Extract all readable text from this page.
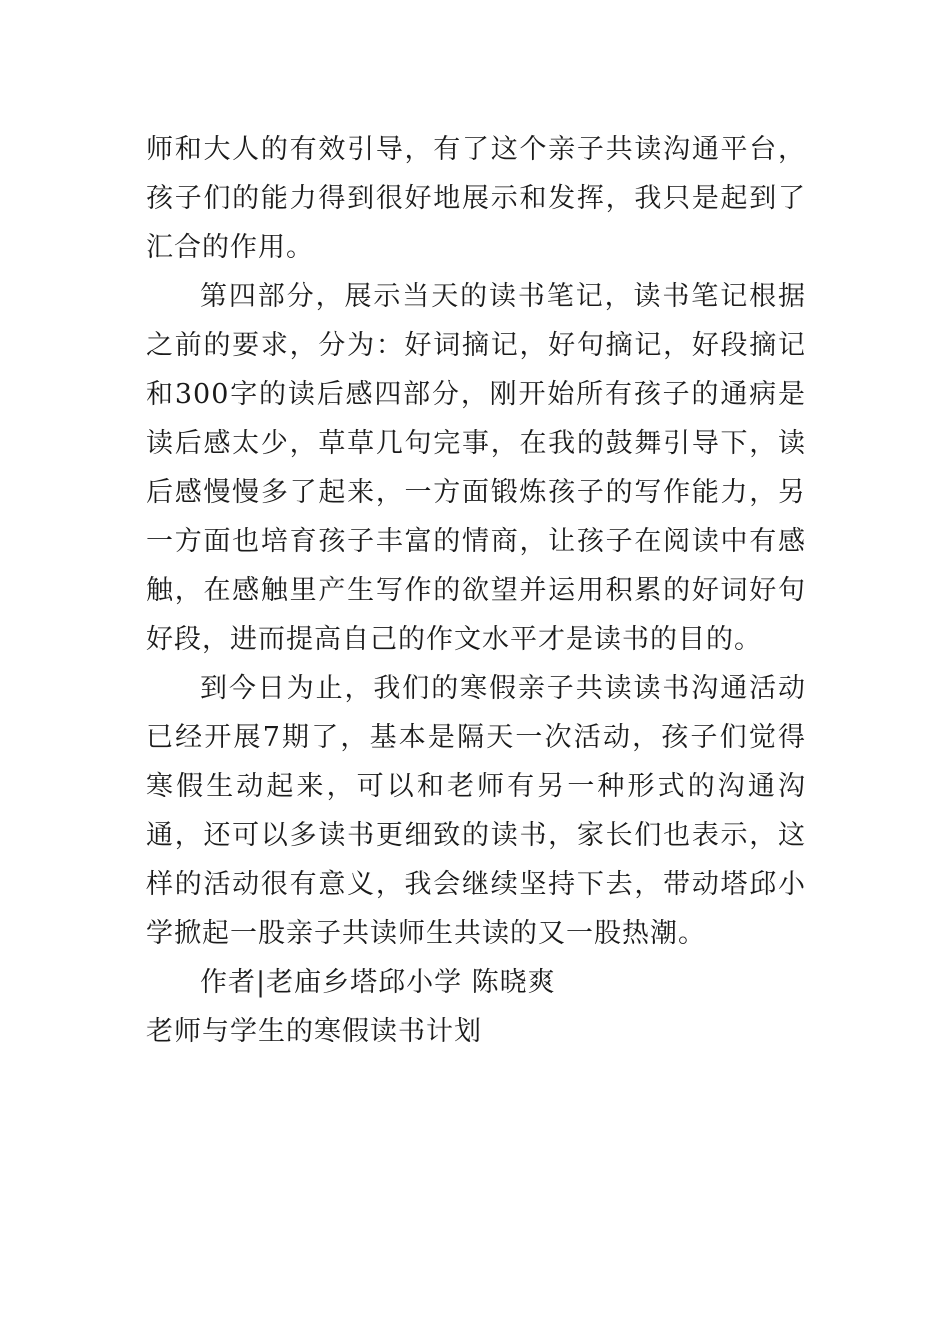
师和大人的有效引导，有了这个亲子共读沟通平台，孩子们的能力得到很好地展示和发挥，我只是起到了汇合的作用。

第四部分，展示当天的读书笔记，读书笔记根据之前的要求，分为：好词摘记，好句摘记，好段摘记和300字的读后感四部分，刚开始所有孩子的通病是读后感太少，草草几句完事，在我的鼓舞引导下，读后感慢慢多了起来，一方面锻炼孩子的写作能力，另一方面也培育孩子丰富的情商，让孩子在阅读中有感触，在感触里产生写作的欲望并运用积累的好词好句好段，进而提高自己的作文水平才是读书的目的。

到今日为止，我们的寒假亲子共读读书沟通活动已经开展7期了，基本是隔天一次活动，孩子们觉得寒假生动起来，可以和老师有另一种形式的沟通沟通，还可以多读书更细致的读书，家长们也表示，这样的活动很有意义，我会继续坚持下去，带动塔邱小学掀起一股亲子共读师生共读的又一股热潮。

作者|老庙乡塔邱小学 陈晓爽

老师与学生的寒假读书计划
